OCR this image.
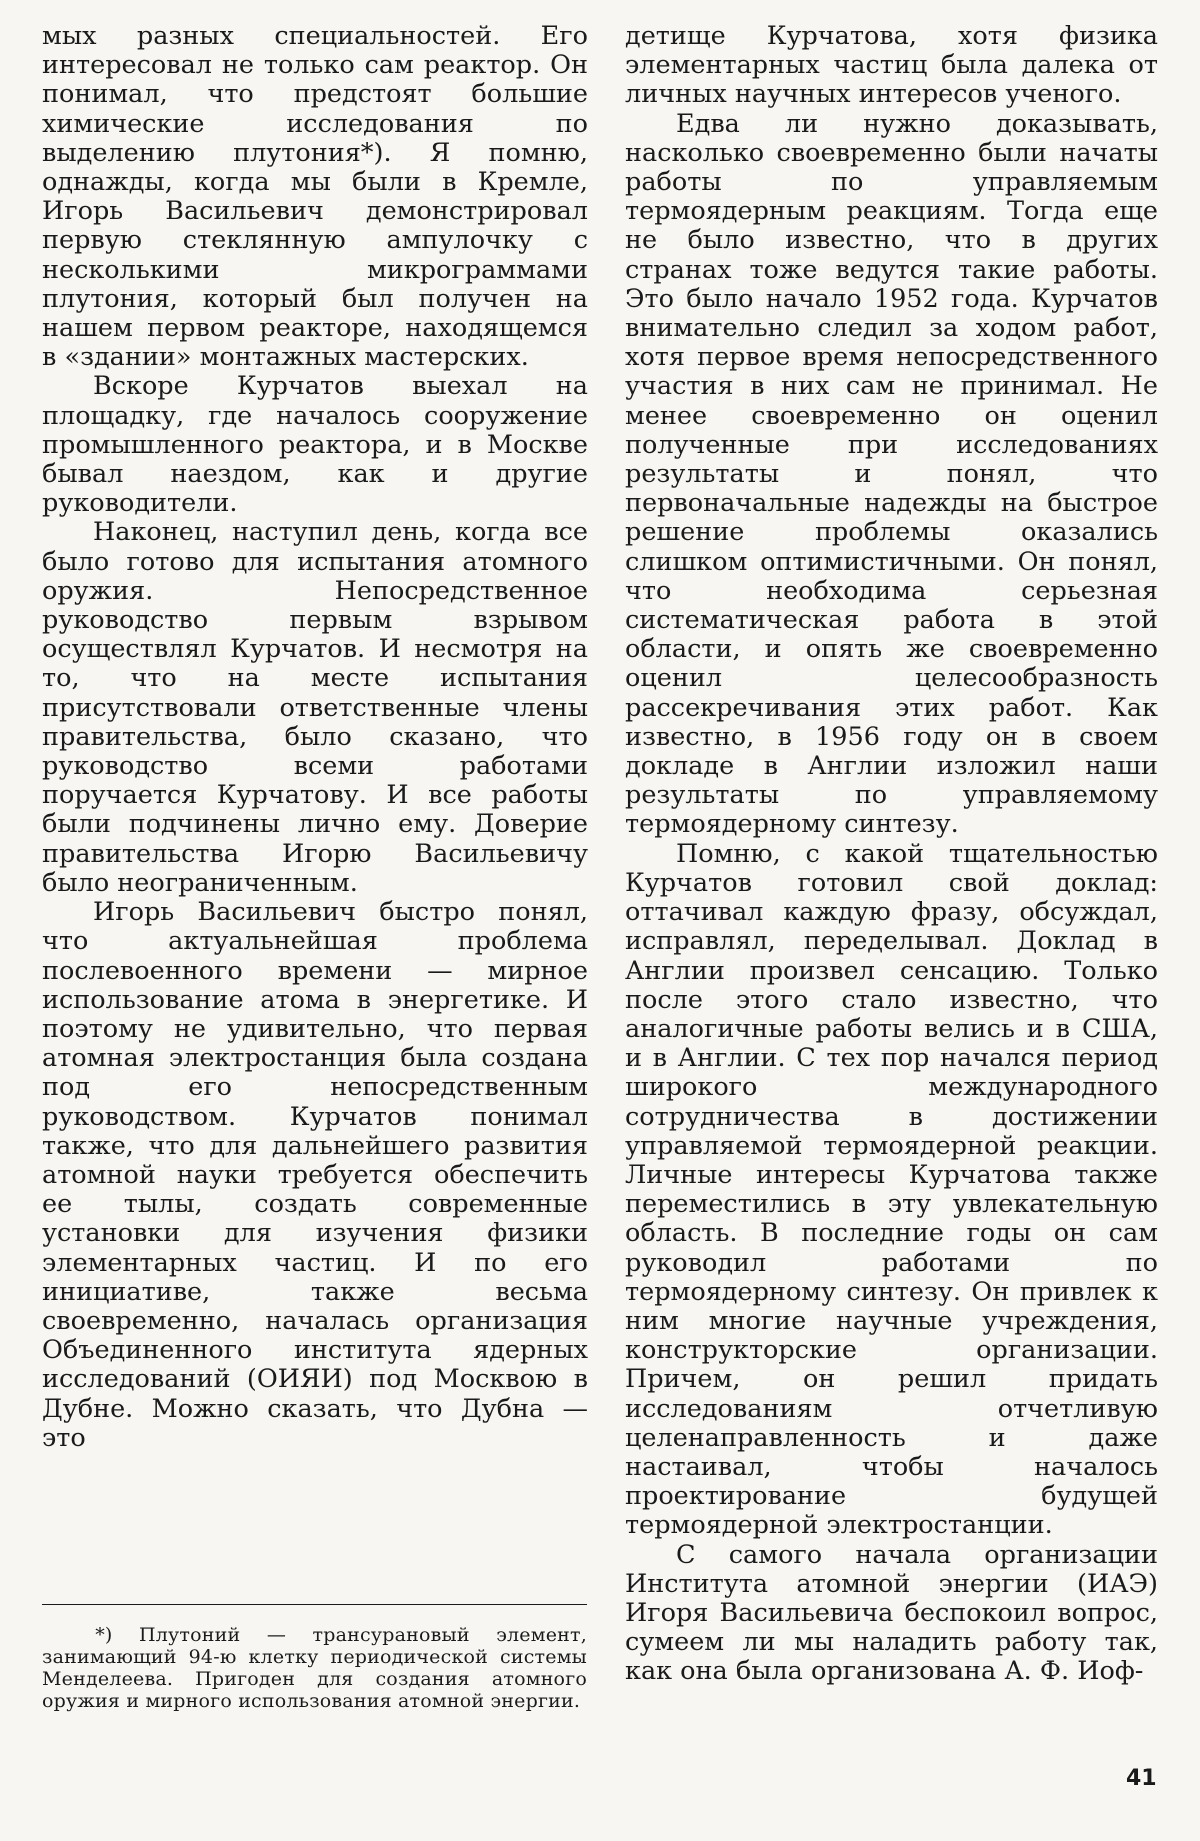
мых разных специальностей. Его интересовал не только сам реактор. Он понимал, что предстоят большие химические исследования по выделению плутония*). Я помню, однажды, когда мы были в Кремле, Игорь Васильевич демонстрировал первую стеклянную ампулочку с несколькими микрограммами плутония, который был получен на нашем первом реакторе, находящемся в «здании» монтажных мастерских.

Вскоре Курчатов выехал на площадку, где началось сооружение промышленного реактора, и в Москве бывал наездом, как и другие руководители.

Наконец, наступил день, когда все было готово для испытания атомного оружия. Непосредственное руководство первым взрывом осуществлял Курчатов. И несмотря на то, что на месте испытания присутствовали ответственные члены правительства, было сказано, что руководство всеми работами поручается Курчатову. И все работы были подчинены лично ему. Доверие правительства Игорю Васильевичу было неограниченным.

Игорь Васильевич быстро понял, что актуальнейшая проблема послевоенного времени — мирное использование атома в энергетике. И поэтому не удивительно, что первая атомная электростанция была создана под его непосредственным руководством. Курчатов понимал также, что для дальнейшего развития атомной науки требуется обеспечить ее тылы, создать современные установки для изучения физики элементарных частиц. И по его инициативе, также весьма своевременно, началась организация Объединенного института ядерных исследований (ОИЯИ) под Москвою в Дубне. Можно сказать, что Дубна — это

*) Плутоний — трансурановый элемент, занимающий 94-ю клетку периодической системы Менделеева. Пригоден для создания атомного оружия и мирного использования атомной энергии.

детище Курчатова, хотя физика элементарных частиц была далека от личных научных интересов ученого.

Едва ли нужно доказывать, насколько своевременно были начаты работы по управляемым термоядерным реакциям. Тогда еще не было известно, что в других странах тоже ведутся такие работы. Это было начало 1952 года. Курчатов внимательно следил за ходом работ, хотя первое время непосредственного участия в них сам не принимал. Не менее своевременно он оценил полученные при исследованиях результаты и понял, что первоначальные надежды на быстрое решение проблемы оказались слишком оптимистичными. Он понял, что необходима серьезная систематическая работа в этой области, и опять же своевременно оценил целесообразность рассекречивания этих работ. Как известно, в 1956 году он в своем докладе в Англии изложил наши результаты по управляемому термоядерному синтезу.

Помню, с какой тщательностью Курчатов готовил свой доклад: оттачивал каждую фразу, обсуждал, исправлял, переделывал. Доклад в Англии произвел сенсацию. Только после этого стало известно, что аналогичные работы велись и в США, и в Англии. С тех пор начался период широкого международного сотрудничества в достижении управляемой термоядерной реакции. Личные интересы Курчатова также переместились в эту увлекательную область. В последние годы он сам руководил работами по термоядерному синтезу. Он привлек к ним многие научные учреждения, конструкторские организации. Причем, он решил придать исследованиям отчетливую целенаправленность и даже настаивал, чтобы началось проектирование будущей термоядерной электростанции.

С самого начала организации Института атомной энергии (ИАЭ) Игоря Васильевича беспокоил вопрос, сумеем ли мы наладить работу так, как она была организована А. Ф. Иоф-

41
